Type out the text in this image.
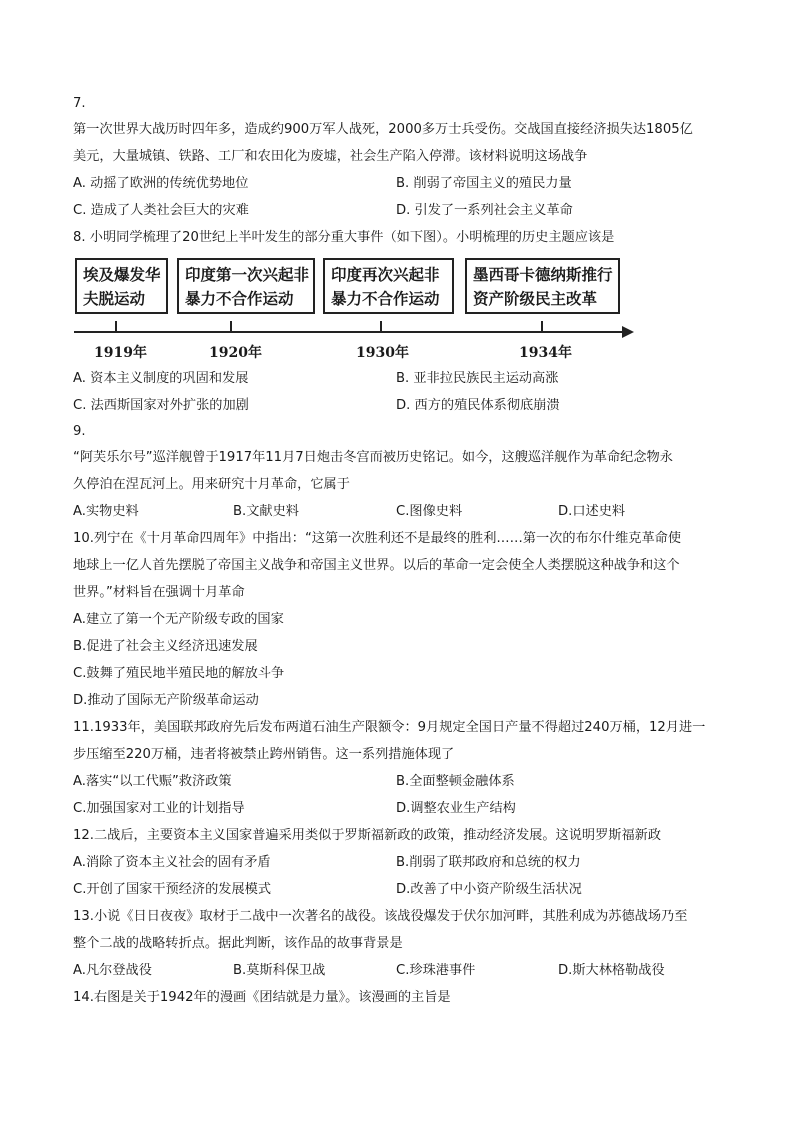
7.
第一次世界大战历时四年多，造成约900万军人战死，2000多万士兵受伤。交战国直接经济损失达1805亿
美元，大量城镇、铁路、工厂和农田化为废墟，社会生产陷入停滞。该材料说明这场战争
A. 动摇了欧洲的传统优势地位	B. 削弱了帝国主义的殖民力量
C. 造成了人类社会巨大的灾难	D. 引发了一系列社会主义革命
8. 小明同学梳理了20世纪上半叶发生的部分重大事件（如下图）。小明梳理的历史主题应该是
埃及爆发华
夫脱运动
印度第一次兴起非
暴力不合作运动
印度再次兴起非
暴力不合作运动
墨西哥卡德纳斯推行
资产阶级民主改革
1919年	1920年	1930年	1934年
A. 资本主义制度的巩固和发展	B. 亚非拉民族民主运动高涨
C. 法西斯国家对外扩张的加剧	D. 西方的殖民体系彻底崩溃
9.
“阿芙乐尔号”巡洋舰曾于1917年11月7日炮击冬宫而被历史铭记。如今，这艘巡洋舰作为革命纪念物永
久停泊在涅瓦河上。用来研究十月革命，它属于
A.实物史料	B.文献史料	C.图像史料	D.口述史料
10.列宁在《十月革命四周年》中指出：“这第一次胜利还不是最终的胜利……第一次的布尔什维克革命使
地球上一亿人首先摆脱了帝国主义战争和帝国主义世界。以后的革命一定会使全人类摆脱这种战争和这个
世界。”材料旨在强调十月革命
A.建立了第一个无产阶级专政的国家
B.促进了社会主义经济迅速发展
C.鼓舞了殖民地半殖民地的解放斗争
D.推动了国际无产阶级革命运动
11.1933年，美国联邦政府先后发布两道石油生产限额令：9月规定全国日产量不得超过240万桶，12月进一
步压缩至220万桶，违者将被禁止跨州销售。这一系列措施体现了
A.落实“以工代赈”救济政策	B.全面整顿金融体系
C.加强国家对工业的计划指导	D.调整农业生产结构
12.二战后，主要资本主义国家普遍采用类似于罗斯福新政的政策，推动经济发展。这说明罗斯福新政
A.消除了资本主义社会的固有矛盾	B.削弱了联邦政府和总统的权力
C.开创了国家干预经济的发展模式	D.改善了中小资产阶级生活状况
13.小说《日日夜夜》取材于二战中一次著名的战役。该战役爆发于伏尔加河畔，其胜利成为苏德战场乃至
整个二战的战略转折点。据此判断，该作品的故事背景是
A.凡尔登战役	B.莫斯科保卫战	C.珍珠港事件	D.斯大林格勒战役
14.右图是关于1942年的漫画《团结就是力量》。该漫画的主旨是
